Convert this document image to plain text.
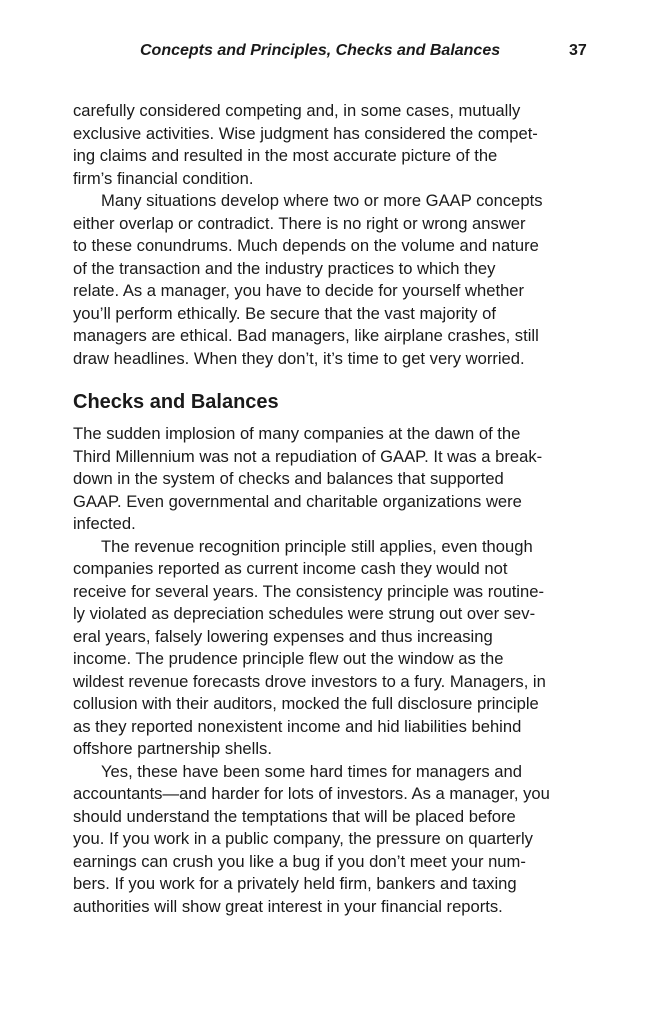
Concepts and Principles, Checks and Balances	37
carefully considered competing and, in some cases, mutually
exclusive activities. Wise judgment has considered the compet-
ing claims and resulted in the most accurate picture of the
firm’s financial condition.
Many situations develop where two or more GAAP concepts
either overlap or contradict. There is no right or wrong answer
to these conundrums. Much depends on the volume and nature
of the transaction and the industry practices to which they
relate. As a manager, you have to decide for yourself whether
you’ll perform ethically. Be secure that the vast majority of
managers are ethical. Bad managers, like airplane crashes, still
draw headlines. When they don’t, it’s time to get very worried.
Checks and Balances
The sudden implosion of many companies at the dawn of the
Third Millennium was not a repudiation of GAAP. It was a break-
down in the system of checks and balances that supported
GAAP. Even governmental and charitable organizations were
infected.
The revenue recognition principle still applies, even though
companies reported as current income cash they would not
receive for several years. The consistency principle was routine-
ly violated as depreciation schedules were strung out over sev-
eral years, falsely lowering expenses and thus increasing
income. The prudence principle flew out the window as the
wildest revenue forecasts drove investors to a fury. Managers, in
collusion with their auditors, mocked the full disclosure principle
as they reported nonexistent income and hid liabilities behind
offshore partnership shells.
Yes, these have been some hard times for managers and
accountants—and harder for lots of investors. As a manager, you
should understand the temptations that will be placed before
you. If you work in a public company, the pressure on quarterly
earnings can crush you like a bug if you don’t meet your num-
bers. If you work for a privately held firm, bankers and taxing
authorities will show great interest in your financial reports.
